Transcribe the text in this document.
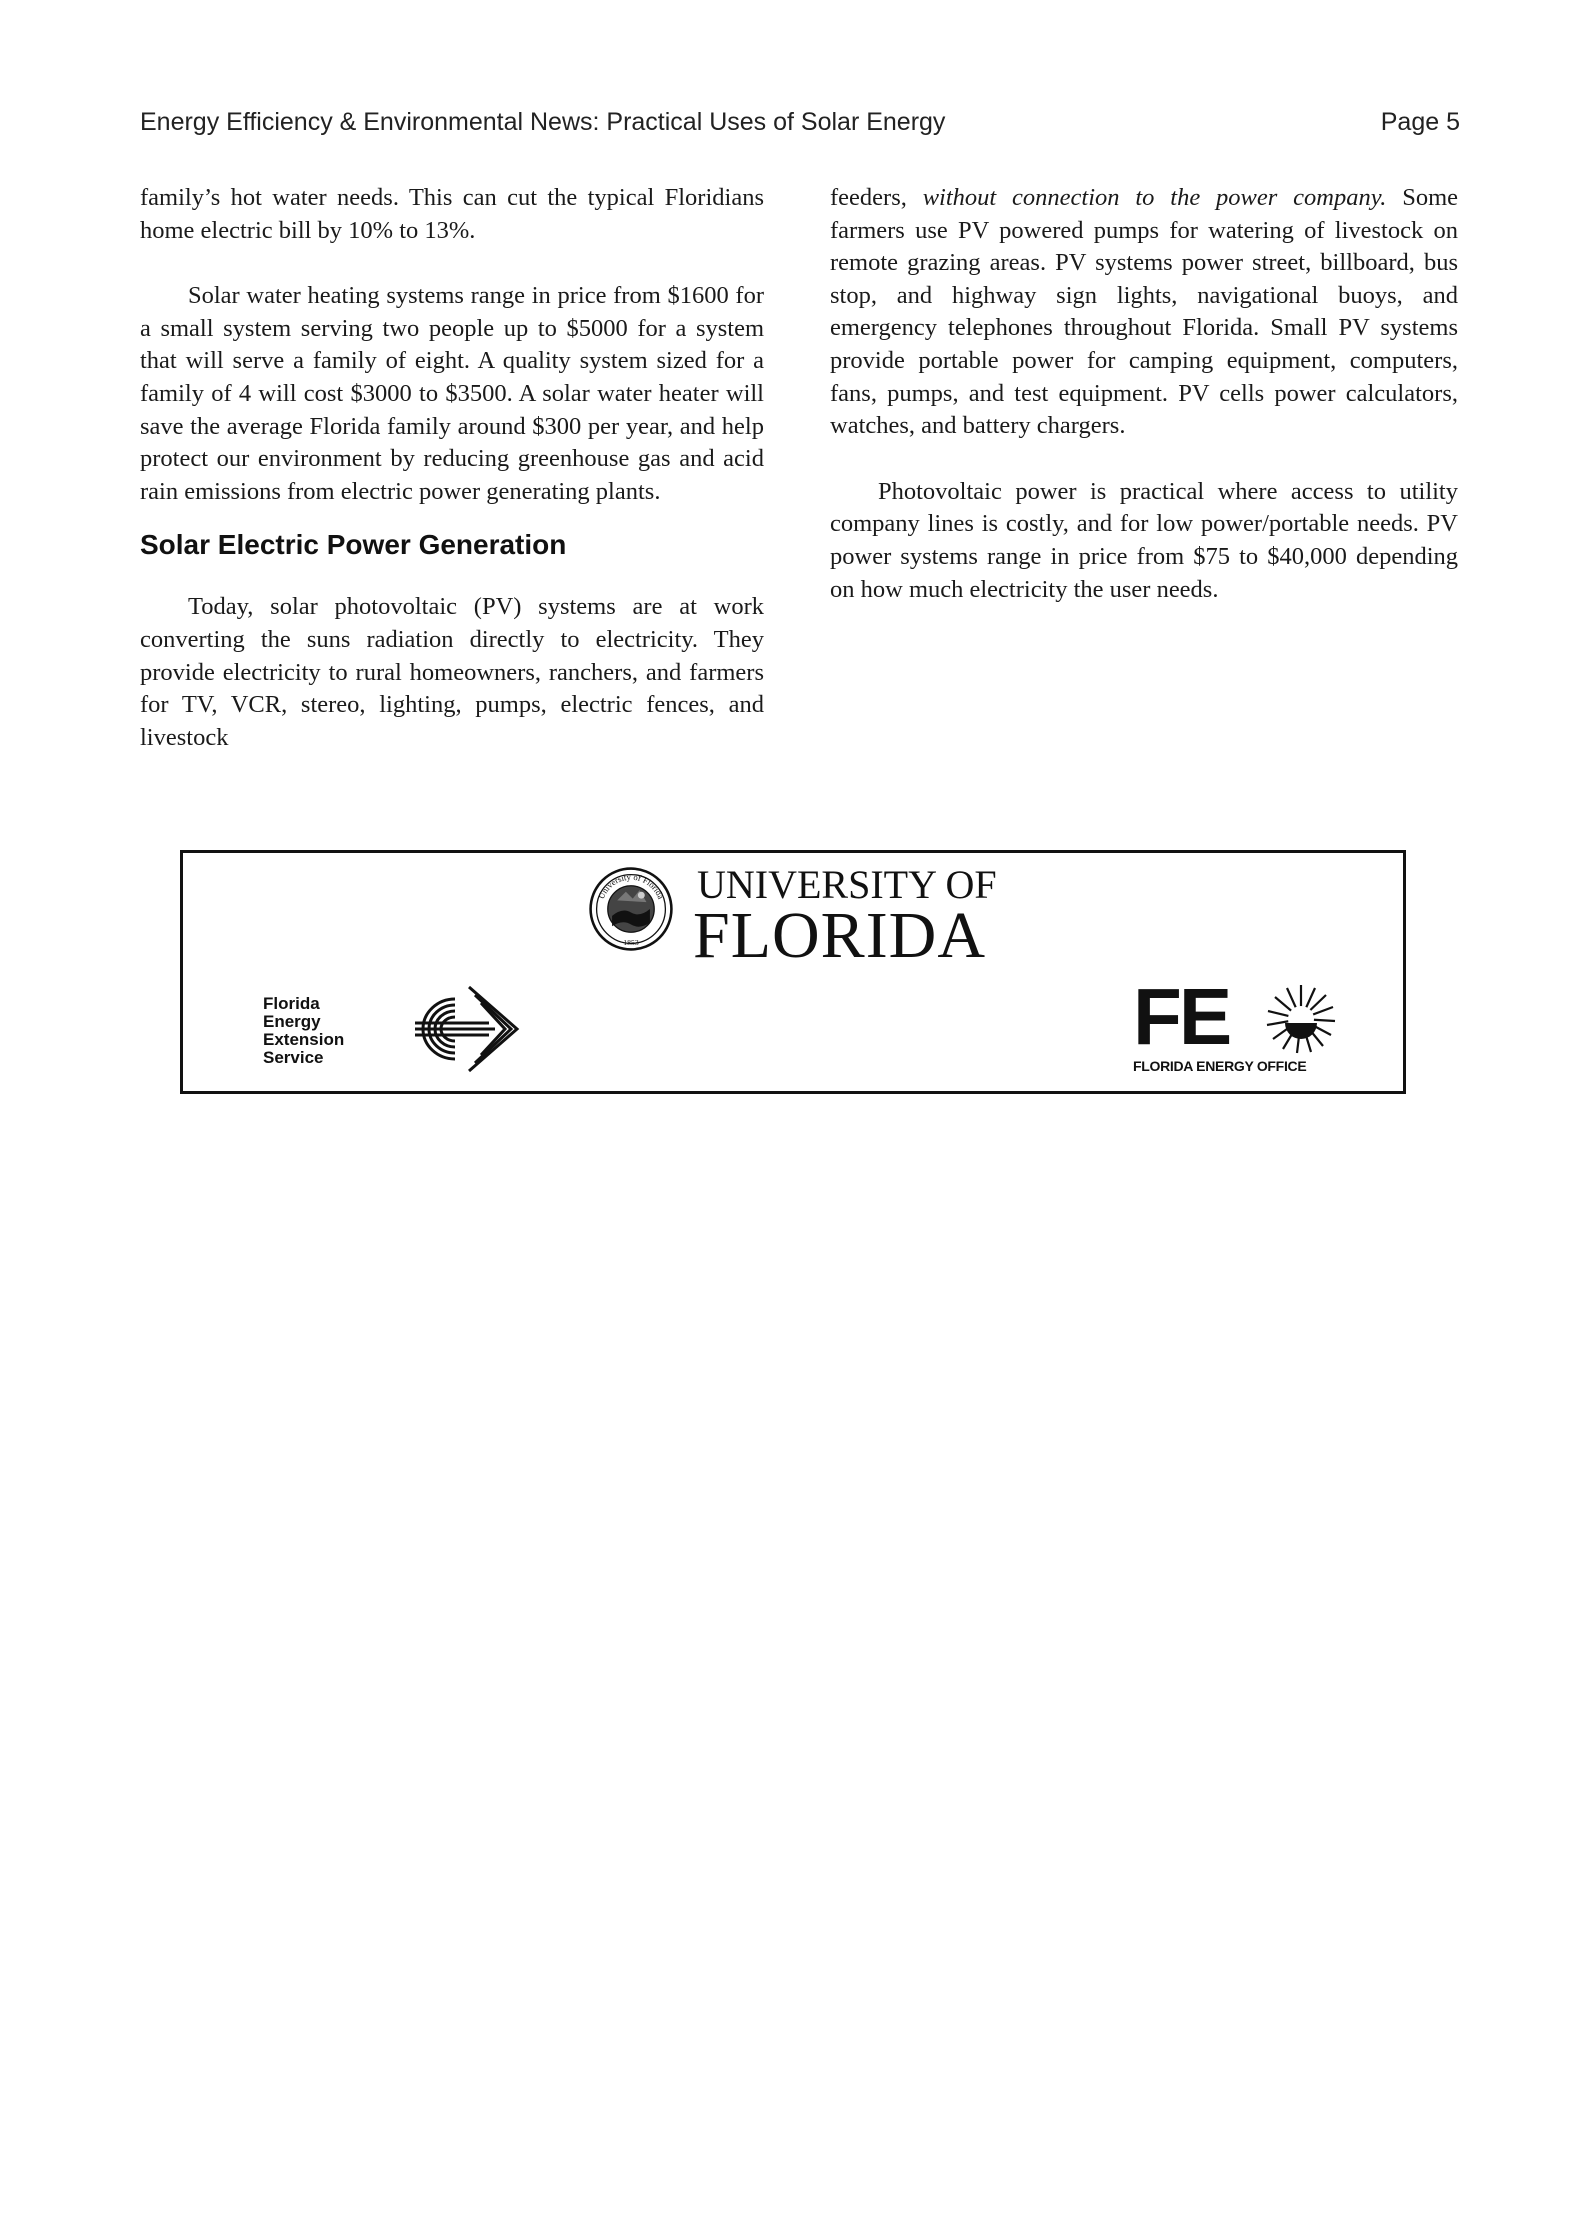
Energy Efficiency & Environmental News: Practical Uses of Solar Energy	Page 5

family’s hot water needs. This can cut the typical Floridians home electric bill by 10% to 13%.

Solar water heating systems range in price from $1600 for a small system serving two people up to $5000 for a system that will serve a family of eight. A quality system sized for a family of 4 will cost $3000 to $3500. A solar water heater will save the average Florida family around $300 per year, and help protect our environment by reducing greenhouse gas and acid rain emissions from electric power generating plants.

Solar Electric Power Generation

Today, solar photovoltaic (PV) systems are at work converting the suns radiation directly to electricity. They provide electricity to rural homeowners, ranchers, and farmers for TV, VCR, stereo, lighting, pumps, electric fences, and livestock

feeders, without connection to the power company. Some farmers use PV powered pumps for watering of livestock on remote grazing areas. PV systems power street, billboard, bus stop, and highway sign lights, navigational buoys, and emergency telephones throughout Florida. Small PV systems provide portable power for camping equipment, computers, fans, pumps, and test equipment. PV cells power calculators, watches, and battery chargers.

Photovoltaic power is practical where access to utility company lines is costly, and for low power/portable needs. PV power systems range in price from $75 to $40,000 depending on how much electricity the user needs.

University of Florida
1853
UNIVERSITY OF
FLORIDA
Florida
Energy
Extension
Service	FE
FLORIDA ENERGY OFFICE
